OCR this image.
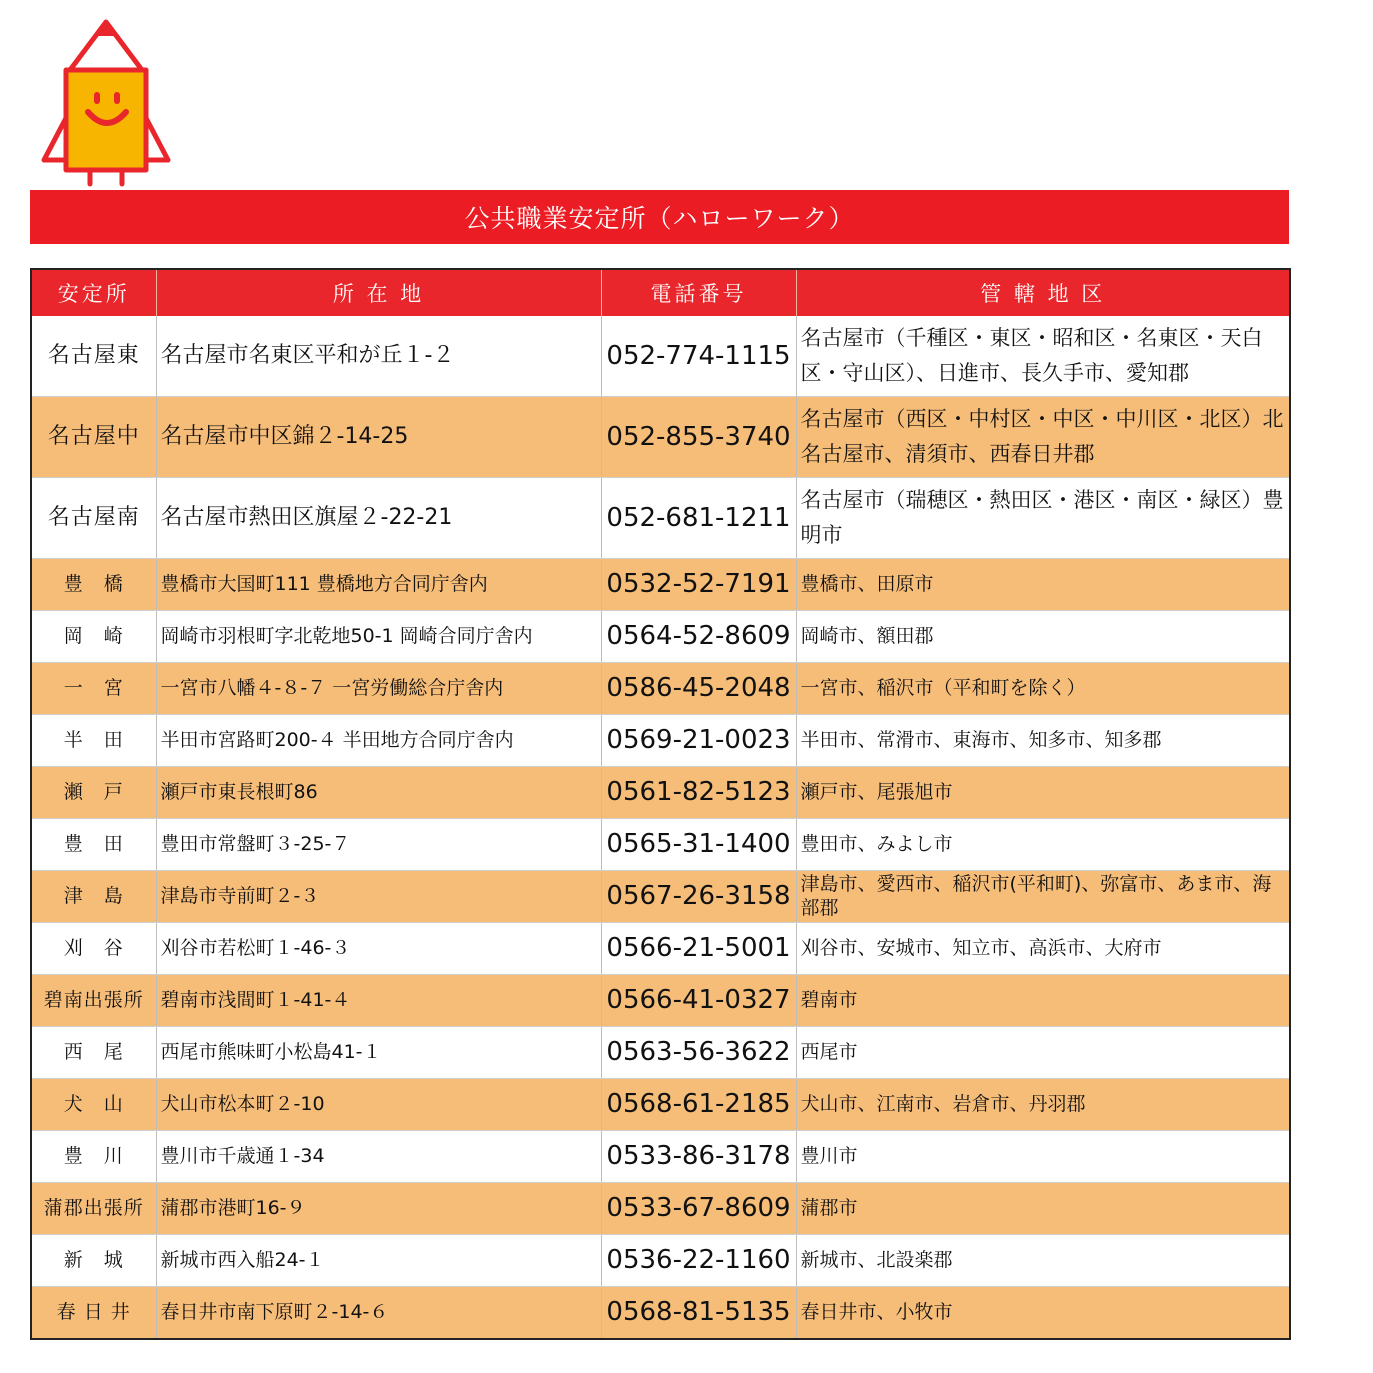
公共職業安定所（ハローワーク）
安定所	所 在 地	電話番号	管 轄 地 区
名古屋東	名古屋市名東区平和が丘１-２	052-774-1115	名古屋市（千種区・東区・昭和区・名東区・天白区・守山区）、日進市、長久手市、愛知郡
名古屋中	名古屋市中区錦２-14-25	052-855-3740	名古屋市（西区・中村区・中区・中川区・北区）北名古屋市、清須市、西春日井郡
名古屋南	名古屋市熱田区旗屋２-22-21	052-681-1211	名古屋市（瑞穂区・熱田区・港区・南区・緑区）豊明市
豊　橋	豊橋市大国町111 豊橋地方合同庁舎内	0532-52-7191	豊橋市、田原市
岡　崎	岡崎市羽根町字北乾地50-1 岡崎合同庁舎内	0564-52-8609	岡崎市、額田郡
一　宮	一宮市八幡４-８-７ 一宮労働総合庁舎内	0586-45-2048	一宮市、稲沢市（平和町を除く）
半　田	半田市宮路町200-４ 半田地方合同庁舎内	0569-21-0023	半田市、常滑市、東海市、知多市、知多郡
瀬　戸	瀬戸市東長根町86	0561-82-5123	瀬戸市、尾張旭市
豊　田	豊田市常盤町３-25-７	0565-31-1400	豊田市、みよし市
津　島	津島市寺前町２-３	0567-26-3158	津島市、愛西市、稲沢市(平和町)、弥富市、あま市、海部郡
刈　谷	刈谷市若松町１-46-３	0566-21-5001	刈谷市、安城市、知立市、高浜市、大府市
碧南出張所	碧南市浅間町１-41-４	0566-41-0327	碧南市
西　尾	西尾市熊味町小松島41-１	0563-56-3622	西尾市
犬　山	犬山市松本町２-10	0568-61-2185	犬山市、江南市、岩倉市、丹羽郡
豊　川	豊川市千歳通１-34	0533-86-3178	豊川市
蒲郡出張所	蒲郡市港町16-９	0533-67-8609	蒲郡市
新　城	新城市西入船24-１	0536-22-1160	新城市、北設楽郡
春 日 井	春日井市南下原町２-14-６	0568-81-5135	春日井市、小牧市
